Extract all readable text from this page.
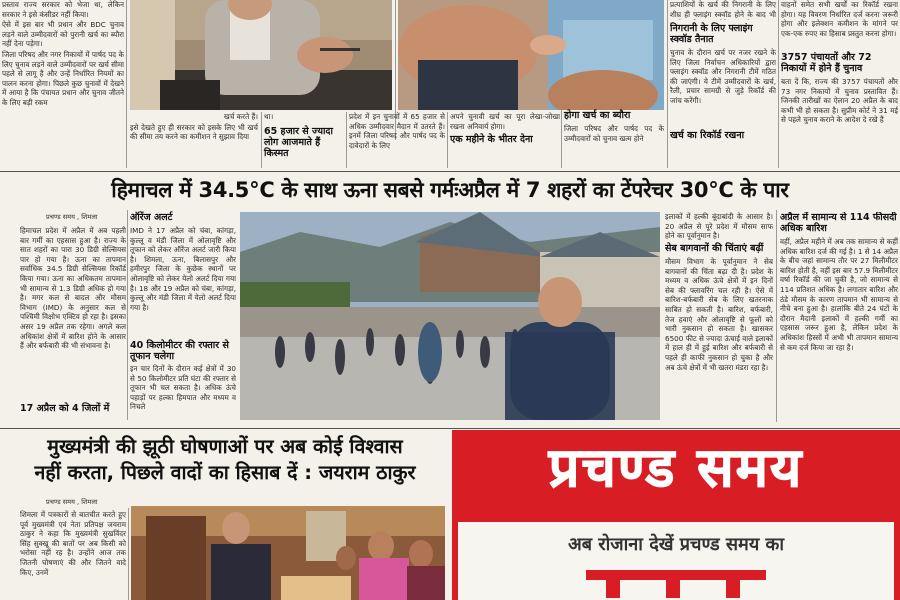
प्रस्ताव राज्य सरकार को भेजा था, लेकिन सरकार ने इसे कंसीडर नहीं किया।

ऐसे में इस बार भी प्रधान और BDC चुनाव लड़ने वाले उम्मीदवारों को पुरानी खर्च का ब्यौरा नहीं देना पड़ेगा।

जिला परिषद और नगर निकायों में पार्षद पद के लिए चुनाव लड़ने वाले उम्मीदवारों पर खर्च सीमा पहले से लागू है और उन्हें निर्धारित नियमों का पालन करना होगा। पिछले कुछ चुनावों में देखने में आया है कि पंचायत प्रधान और चुनाव जीतने के लिए बड़ी रकम

खर्च करते हैं।

इसे देखते हुए ही सरकार को इसके लिए भी खर्च की सीमा तय करने का कमीशन ने सुझाव दिया

था।

65 हजार से ज्यादा लोग आजमाते हैं किस्मत

प्रदेश में इन चुनावों में 65 हजार से अधिक उम्मीदवार मैदान में उतरते हैं। इनमें जिला परिषद और पार्षद पद के दावेदारों के लिए

अपने चुनावी खर्च का पूरा लेखा-जोखा रखना अनिवार्य होगा।

एक महीने के भीतर देना

होगा खर्च का ब्यौरा

जिला परिषद और पार्षद पद के उम्मीदवारों को चुनाव खत्म होने

प्रत्याशियों के खर्च की निगरानी के लिए शीघ्र ही फ्लाइंग स्क्वॉड होने के बाद भी

निगरानी के लिए फ्लाइंग स्क्वॉड तैनात

चुनाव के दौरान खर्च पर नजर रखने के लिए जिला निर्वाचन अधिकारियों द्वारा फ्लाइंग स्क्वॉड और निगरानी टीमें गठित की जाएंगी। ये टीमें उम्मीदवारों के खर्च, रैली, प्रचार सामग्री से जुड़े रिकॉर्ड की जांच करेंगी।

खर्च का रिकॉर्ड रखना

वाहनों समेत सभी खर्चों का रिकॉर्ड रखना होगा। यह विवरण निर्धारित दर्ज करना जरूरी होगा और इलेक्शन कमीशन के मांगने पर एक-एक रुपए का हिसाब प्रस्तुत करना होगा।

3757 पंचायतों और 72 निकायों में होने हैं चुनाव

बता दें कि, राज्य की 3757 पंचायतों और 73 नगर निकायों में चुनाव प्रस्तावित हैं। जिनकी तारीखों का ऐलान 20 अप्रैल के बाद कभी भी हो सकता है। सुप्रीम कोर्ट ने 31 मई से पहले चुनाव कराने के आदेश दे रखे हैं

हिमाचल में 34.5°C के साथ ऊना सबसे गर्मःअप्रैल में 7 शहरों का टेंपरेचर 30°C के पार
प्रचण्ड समय , शिमला

हिमाचल प्रदेश में अप्रैल में अब पहली बार गर्मी का एहसास हुआ है। राज्य के सात शहरों का पारा 30 डिग्री सेल्सियस पार हो गया है। ऊना का तापमान सर्वाधिक 34.5 डिग्री सेल्सियस रिकॉर्ड किया गया। ऊना का अधिकतम तापमान भी सामान्य से 1.3 डिग्री अधिक हो गया है। मगर कल से बादल और मौसम विभाग (IMD) के अनुसार कल से पश्चिमी विक्षोभ एक्टिव हो रहा है। इसका असर 19 अप्रैल तक रहेगा। अगले कल अधिकांश क्षेत्रों में बारिश होने के आसार हैं और बर्फबारी की भी संभावना है।

17 अप्रैल को 4 जिलों में
ऑरेंज अलर्ट

IMD ने 17 अप्रैल को चंबा, कांगड़ा, कुल्लू व मंडी जिला में ओलावृष्टि और तूफान को लेकर ऑरेंज अलर्ट जारी किया है। शिमला, ऊना, बिलासपुर और हमीरपुर जिला के कुछेक स्थानों पर ओलावृष्टि को लेकर येलो अलर्ट दिया गया है। 18 और 19 अप्रैल को चंबा, कांगड़ा, कुल्लू और मंडी जिला में येलो अलर्ट दिया गया है।

40 किलोमीटर की रफ्तार से तूफान चलेगा

इन चार दिनों के दौरान कई क्षेत्रों में 30 से 50 किलोमीटर प्रति घंटा की रफ्तार से तूफान भी चल सकता है। अधिक ऊंचे पहाड़ों पर हल्का हिमपात और मध्यम व निचले

इलाकों में हल्की बूंदाबांदी के आसार है। 20 अप्रैल से पूरे प्रदेश में मौसम साफ होने का पूर्वानुमान है।

सेब बागवानों की चिंताएं बढ़ीं

मौसम विभाग के पूर्वानुमान ने सेब बागवानों की चिंता बढ़ा दी है। प्रदेश के मध्यम व अधिक ऊंचे क्षेत्रों में इन दिनों सेब की फ्लावरिंग चल रही है। ऐसे में बारिश-बर्फबारी सेब के लिए खतरनाक साबित हो सकती है। बारिश, बर्फबारी, तेज हवाएं और ओलावृष्टि से फूलों को भारी नुकसान हो सकता है। खासकर 6500 फीट से ज्यादा ऊंचाई वाले इलाकों में हाल ही में हुई बारिश और बर्फबारी से पहले ही काफी नुकसान हो चुका है और अब ऊंचे क्षेत्रों में भी खतरा मंडरा रहा है।

अप्रैल में सामान्य से 114 फीसदी अधिक बारिश

वहीं, अप्रैल महीने में अब तक सामान्य से कहीं अधिक बारिश दर्ज की गई है। 1 से 14 अप्रैल के बीच जहां सामान्य तौर पर 27 मिलीमीटर बारिश होती है, वहीं इस बार 57.9 मिलीमीटर वर्षा रिकॉर्ड की जा चुकी है, जो सामान्य से 114 प्रतिशत अधिक है। लगातार बारिश और ठंडे मौसम के कारण तापमान भी सामान्य से नीचे बना हुआ है। हालांकि बीते 24 घंटों के दौरान मैदानी इलाकों में हल्की गर्मी का एहसास जरूर हुआ है, लेकिन प्रदेश के अधिकांश हिस्सों में अभी भी तापमान सामान्य से कम दर्ज किया जा रहा है।

मुख्यमंत्री की झूठी घोषणाओं पर अब कोई विश्वास
नहीं करता, पिछले वादों का हिसाब दें : जयराम ठाकुर
प्रचण्ड समय , शिमला

शिमला में पत्रकारों से बातचीत करते हुए पूर्व मुख्यमंत्री एवं नेता प्रतिपक्ष जयराम ठाकुर ने कहा कि मुख्यमंत्री सुखविंदर सिंह सुक्खू की बातों पर अब किसी को भरोसा नहीं रह है। उन्होंने आज तक जितनी घोषणाएं की और जितने वादे किए, उनमें

प्रचण्ड समय
अब रोजाना देखें प्रचण्ड समय का
